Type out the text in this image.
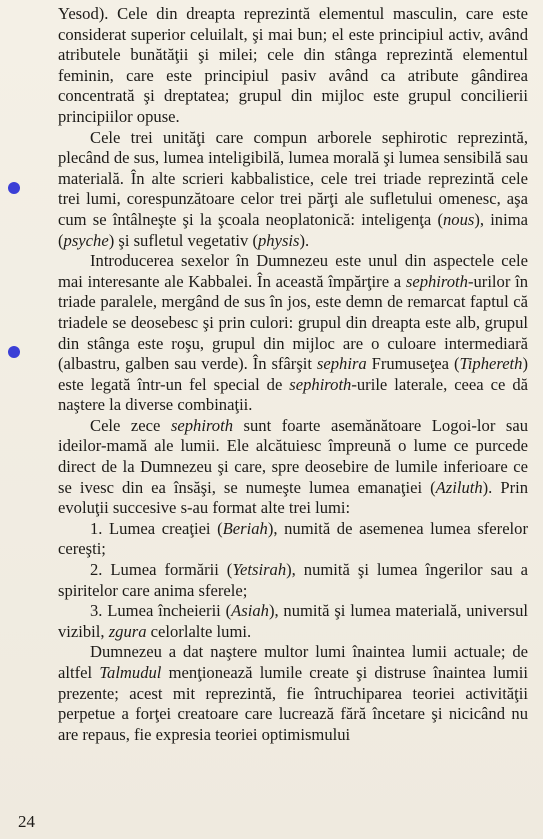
Yesod). Cele din dreapta reprezintă elementul masculin, care este considerat superior celuilalt, şi mai bun; el este principiul activ, având atributele bunătăţii şi milei; cele din stânga reprezintă elementul feminin, care este principiul pasiv având ca atribute gândirea concentrată şi dreptatea; grupul din mijloc este grupul concilierii principiilor opuse.

Cele trei unităţi care compun arborele sephirotic reprezintă, plecând de sus, lumea inteligibilă, lumea morală şi lumea sensibilă sau materială. În alte scrieri kabbalistice, cele trei triade reprezintă cele trei lumi, corespunzătoare celor trei părţi ale sufletului omenesc, aşa cum se întâlneşte şi la şcoala neoplatonică: inteligenţa (nous), inima (psyche) şi sufletul vegetativ (physis).

Introducerea sexelor în Dumnezeu este unul din aspectele cele mai interesante ale Kabbalei. În această împărţire a sephiroth-urilor în triade paralele, mergând de sus în jos, este demn de remarcat faptul că triadele se deosebesc şi prin culori: grupul din dreapta este alb, grupul din stânga este roşu, grupul din mijloc are o culoare intermediară (albastru, galben sau verde). În sfârşit sephira Frumuseţea (Tiphereth) este legată într-un fel special de sephiroth-urile laterale, ceea ce dă naştere la diverse combinaţii.

Cele zece sephiroth sunt foarte asemănătoare Logoi-lor sau ideilor-mamă ale lumii. Ele alcătuiesc împreună o lume ce purcede direct de la Dumnezeu şi care, spre deosebire de lumile inferioare ce se ivesc din ea însăşi, se numeşte lumea emanaţiei (Aziluth). Prin evoluţii succesive s-au format alte trei lumi:

1. Lumea creaţiei (Beriah), numită de asemenea lumea sferelor cereşti;

2. Lumea formării (Yetsirah), numită şi lumea îngerilor sau a spiritelor care anima sferele;

3. Lumea încheierii (Asiah), numită şi lumea materială, universul vizibil, zgura celorlalte lumi.

Dumnezeu a dat naştere multor lumi înaintea lumii actuale; de altfel Talmudul menţionează lumile create şi distruse înaintea lumii prezente; acest mit reprezintă, fie întruchiparea teoriei activităţii perpetue a forţei creatoare care lucrează fără încetare şi nicicând nu are repaus, fie expresia teoriei optimismului

24
